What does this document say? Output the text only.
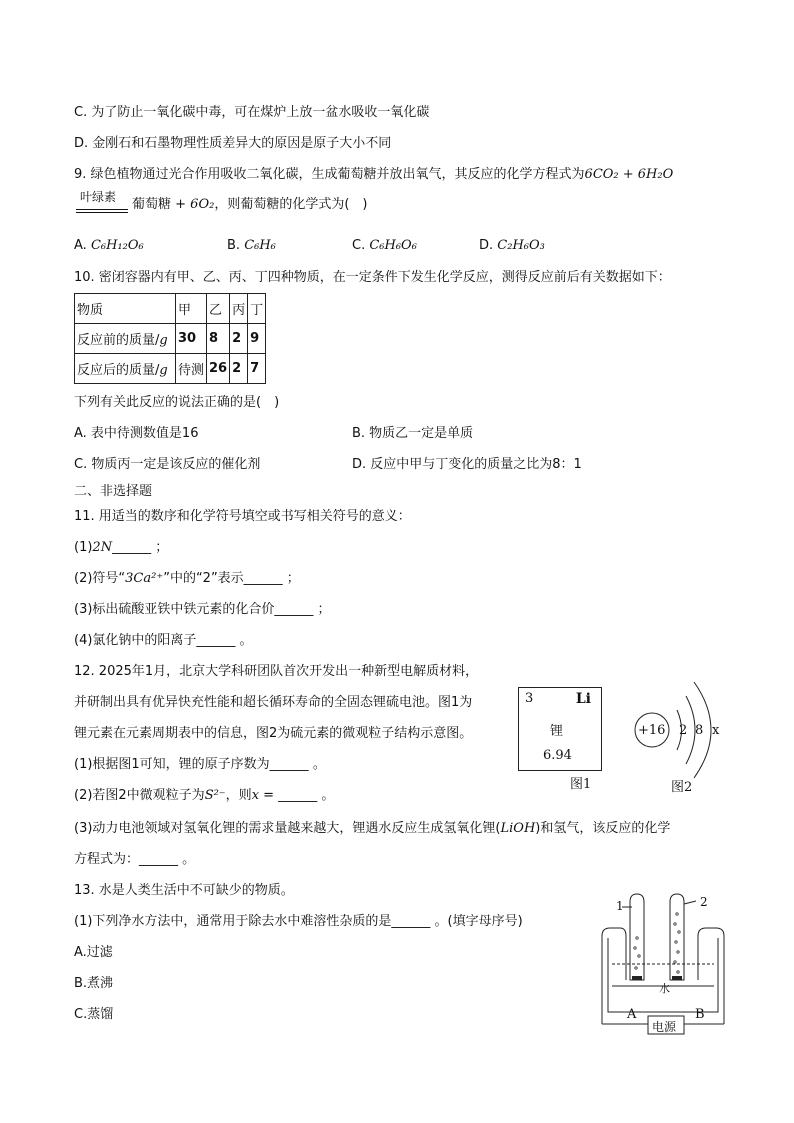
C. 为了防止一氧化碳中毒，可在煤炉上放一盆水吸收一氧化碳
D. 金刚石和石墨物理性质差异大的原因是原子大小不同
9. 绿色植物通过光合作用吸收二氧化碳，生成葡萄糖并放出氧气，其反应的化学方程式为6CO₂ + 6H₂O
叶绿素 葡萄糖 + 6O₂，则葡萄糖的化学式为(　)
A. C₆H₁₂O₆	B. C₆H₆	C. C₆H₆O₆	D. C₂H₆O₃
10. 密闭容器内有甲、乙、丙、丁四种物质，在一定条件下发生化学反应，测得反应前后有关数据如下：
物质	甲	乙	丙	丁
反应前的质量/g	30	8	2	9
反应后的质量/g	待测	26	2	7
下列有关此反应的说法正确的是(　)
A. 表中待测数值是16	B. 物质乙一定是单质
C. 物质丙一定是该反应的催化剂	D. 反应中甲与丁变化的质量之比为8：1
二、非选择题
11. 用适当的数序和化学符号填空或书写相关符号的意义：
(1)2N______ ；
(2)符号“3Ca²⁺”中的“2”表示______ ；
(3)标出硫酸亚铁中铁元素的化合价______ ；
(4)氯化钠中的阳离子______ 。
12. 2025年1月，北京大学科研团队首次开发出一种新型电解质材料，
并研制出具有优异快充性能和超长循环寿命的全固态锂硫电池。图1为
锂元素在元素周期表中的信息，图2为硫元素的微观粒子结构示意图。
(1)根据图1可知，锂的原子序数为______ 。
(2)若图2中微观粒子为S²⁻，则x = ______ 。
(3)动力电池领域对氢氧化锂的需求量越来越大，锂遇水反应生成氢氧化锂(LiOH)和氢气，该反应的化学
方程式为：______ 。
3	Li
锂
6.94
图1
+16 2 8 x
图2
13. 水是人类生活中不可缺少的物质。
(1)下列净水方法中，通常用于除去水中难溶性杂质的是______ 。(填字母序号)
A.过滤
B.煮沸
C.蒸馏
1	2
水
A	B
电源
